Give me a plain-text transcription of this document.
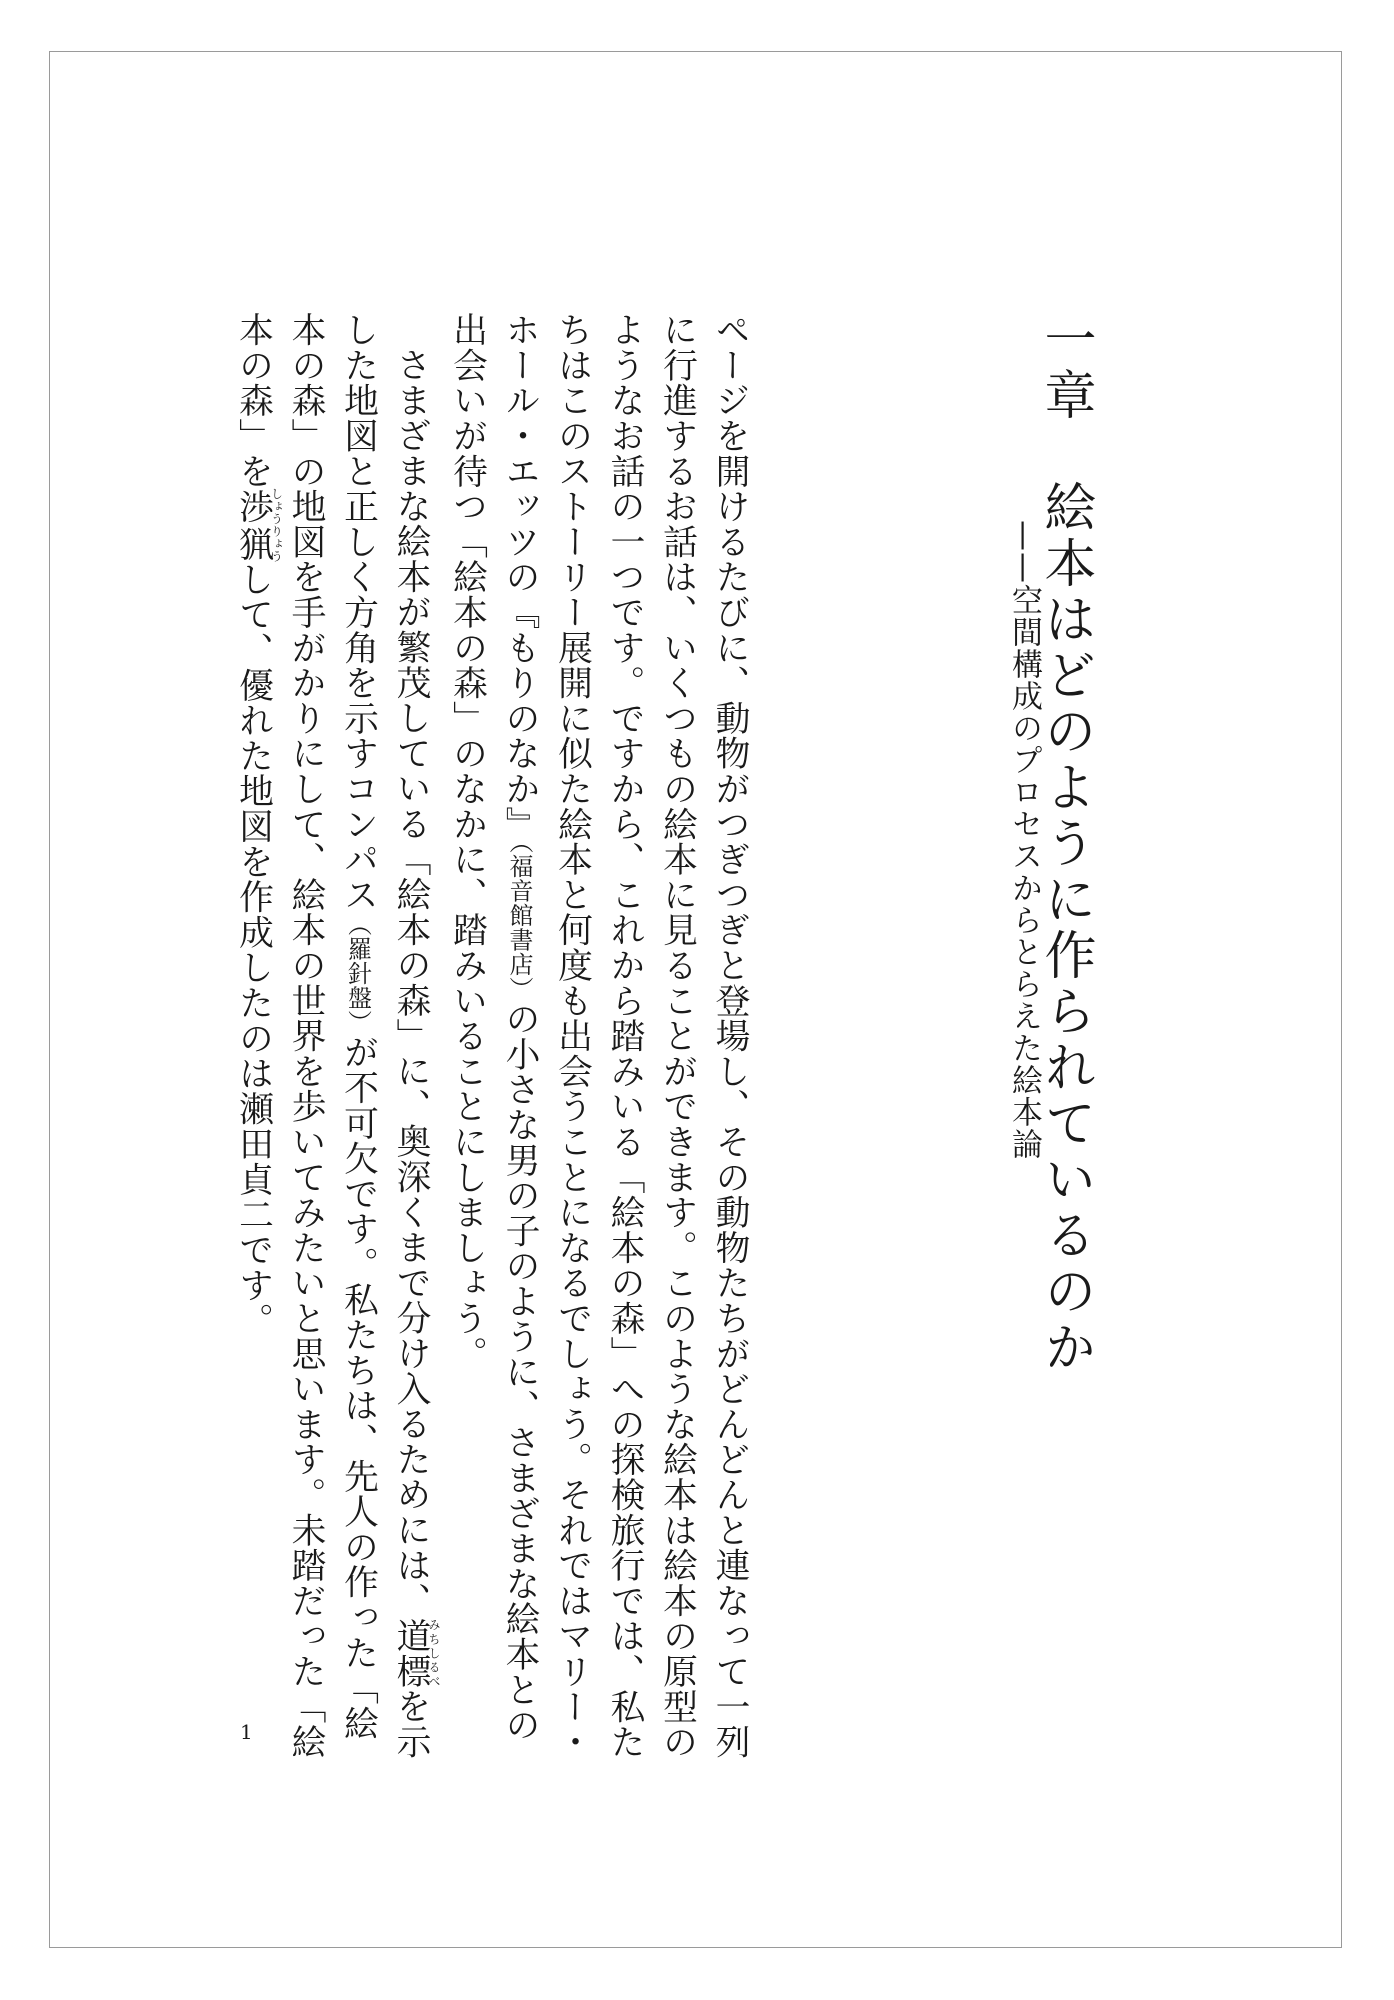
一章絵本はどのように作られているのか
——空間構成のプロセスからとらえた絵本論

ページを開けるたびに、動物がつぎつぎと登場し、その動物たちがどんどんと連なって一列に行進するお話は、いくつもの絵本に見ることができます。このような絵本は絵本の原型のようなお話の一つです。ですから、これから踏みいる「絵本の森」への探検旅行では、私たちはこのストーリー展開に似た絵本と何度も出会うことになるでしょう。それではマリー・ホール・エッツの『もりのなか』（福音館書店）の小さな男の子のように、さまざまな絵本との出会いが待つ「絵本の森」のなかに、踏みいることにしましょう。

さまざまな絵本が繁茂している「絵本の森」に、奥深くまで分け入るためには、道標みちしるべを示した地図と正しく方角を示すコンパス（羅針盤）が不可欠です。私たちは、先人の作った「絵本の森」の地図を手がかりにして、絵本の世界を歩いてみたいと思います。未踏だった「絵本の森」を渉猟しょうりょうして、優れた地図を作成したのは瀬田貞二です。

1
